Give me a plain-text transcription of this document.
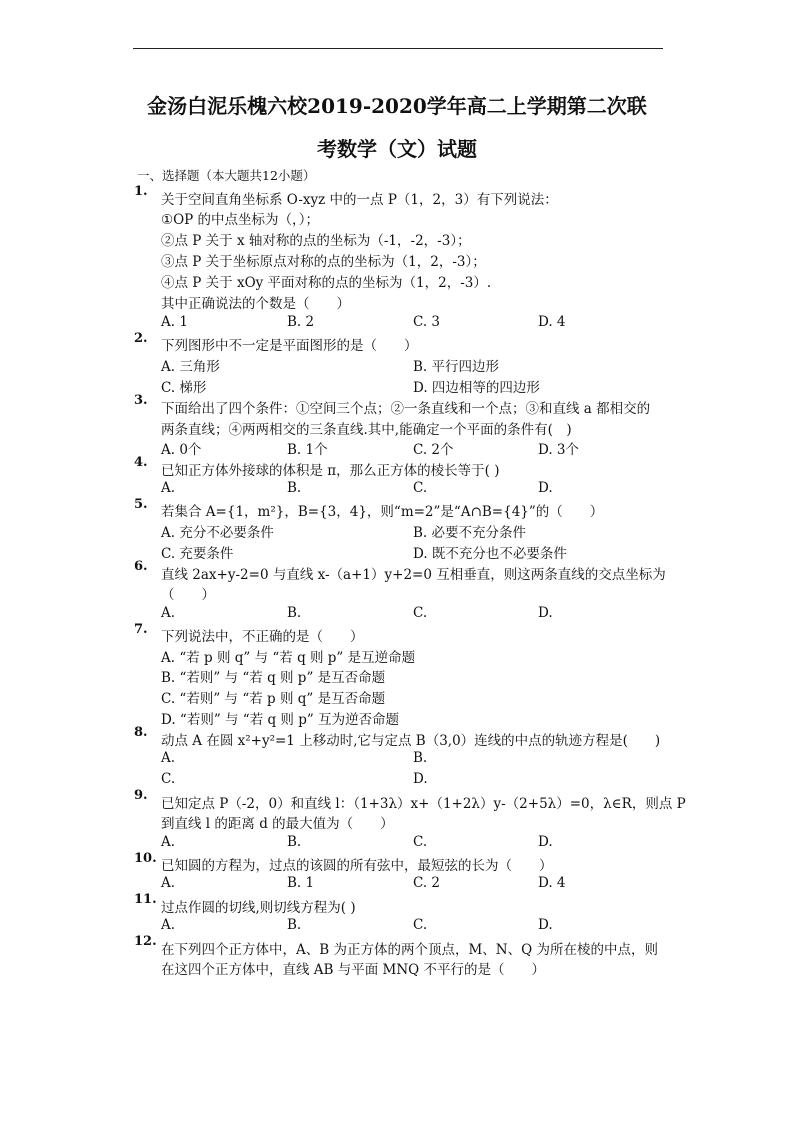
金汤白泥乐槐六校2019-2020学年高二上学期第二次联
考数学（文）试题
一、选择题（本大题共12小题）
1.
关于空间直角坐标系 O-xyz 中的一点 P（1，2，3）有下列说法：
①OP 的中点坐标为（，）；
②点 P 关于 x 轴对称的点的坐标为（-1，-2，-3）；
③点 P 关于坐标原点对称的点的坐标为（1，2，-3）；
④点 P 关于 xOy 平面对称的点的坐标为（1，2，-3）.
其中正确说法的个数是（　　）
A. 1	B. 2	C. 3	D. 4
2. 下列图形中不一定是平面图形的是（　　）
A. 三角形	B. 平行四边形
C. 梯形	D. 四边相等的四边形
3.
下面给出了四个条件：①空间三个点；②一条直线和一个点；③和直线 a 都相交的
两条直线；④两两相交的三条直线.其中,能确定一个平面的条件有(　)
A. 0个	B. 1个	C. 2个	D. 3个
4.
已知正方体外接球的体积是 π，那么正方体的棱长等于( )
A.	B.	C.	D.
5. 若集合 A={1，m²}，B={3，4}，则“m=2”是“A∩B={4}”的（　　）
A. 充分不必要条件	B. 必要不充分条件
C. 充要条件	D. 既不充分也不必要条件
6.
直线 2ax+y-2=0 与直线 x-（a+1）y+2=0 互相垂直，则这两条直线的交点坐标为
（　　）
A.	B.	C.	D.
7. 下列说法中，不正确的是（　　）
A. “若 p 则 q” 与 “若 q 则 p” 是互逆命题
B. “若则” 与 “若 q 则 p” 是互否命题
C. “若则” 与 “若 p 则 q” 是互否命题
D. “若则” 与 “若 q 则 p” 互为逆否命题
8.
动点 A 在圆 x²+y²=1 上移动时,它与定点 B（3,0）连线的中点的轨迹方程是(　　)
A.	B.
C.	D.
9.
已知定点 P（-2，0）和直线 l：（1+3λ）x+（1+2λ）y-（2+5λ）=0，λ∈R，则点 P
到直线 l 的距离 d 的最大值为（　　）
A.	B.	C.	D.
10. 已知圆的方程为，过点的该圆的所有弦中，最短弦的长为（　　）
A.	B. 1	C. 2	D. 4
11.
过点作圆的切线,则切线方程为( )
A.	B.	C.	D.
12.
在下列四个正方体中，A、B 为正方体的两个顶点，M、N、Q 为所在棱的中点，则
在这四个正方体中，直线 AB 与平面 MNQ 不平行的是（　　）
